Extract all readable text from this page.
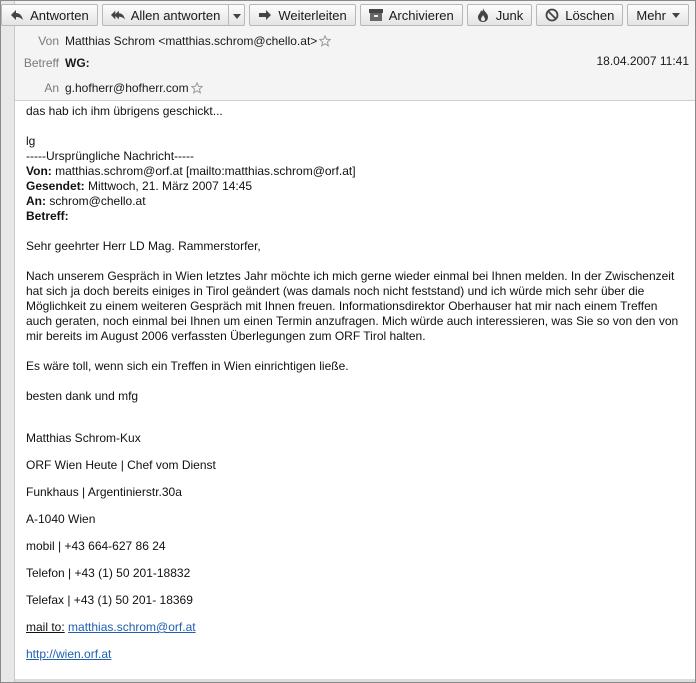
Antworten	Allen antworten	Weiterleiten	Archivieren	Junk	Löschen Mehr
Von Matthias Schrom <matthias.schrom@chello.at>
Betreff WG:	18.04.2007 11:41
An g.hofherr@hofherr.com

das hab ich ihm übrigens geschickt...

lg

-----Ursprüngliche Nachricht-----

Von: matthias.schrom@orf.at [mailto:matthias.schrom@orf.at]

Gesendet: Mittwoch, 21. März 2007 14:45

An: schrom@chello.at

Betreff:

Sehr geehrter Herr LD Mag. Rammerstorfer,

Nach unserem Gespräch in Wien letztes Jahr möchte ich mich gerne wieder einmal bei Ihnen melden. In der Zwischenzeit hat sich ja doch bereits einiges in Tirol geändert (was damals noch nicht feststand) und ich würde mich sehr über die Möglichkeit zu einem weiteren Gespräch mit Ihnen freuen. Informationsdirektor Oberhauser hat mir nach einem Treffen auch geraten, noch einmal bei Ihnen um einen Termin anzufragen. Mich würde auch interessieren, was Sie so von den von mir bereits im August 2006 verfassten Überlegungen zum ORF Tirol halten.

Es wäre toll, wenn sich ein Treffen in Wien einrichtigen ließe.

besten dank und mfg

Matthias Schrom-Kux

ORF Wien Heute | Chef vom Dienst

Funkhaus | Argentinierstr.30a

A-1040 Wien

mobil | +43 664-627 86 24

Telefon | +43 (1) 50 201-18832

Telefax | +43 (1) 50 201- 18369

mail to: matthias.schrom@orf.at

http://wien.orf.at
